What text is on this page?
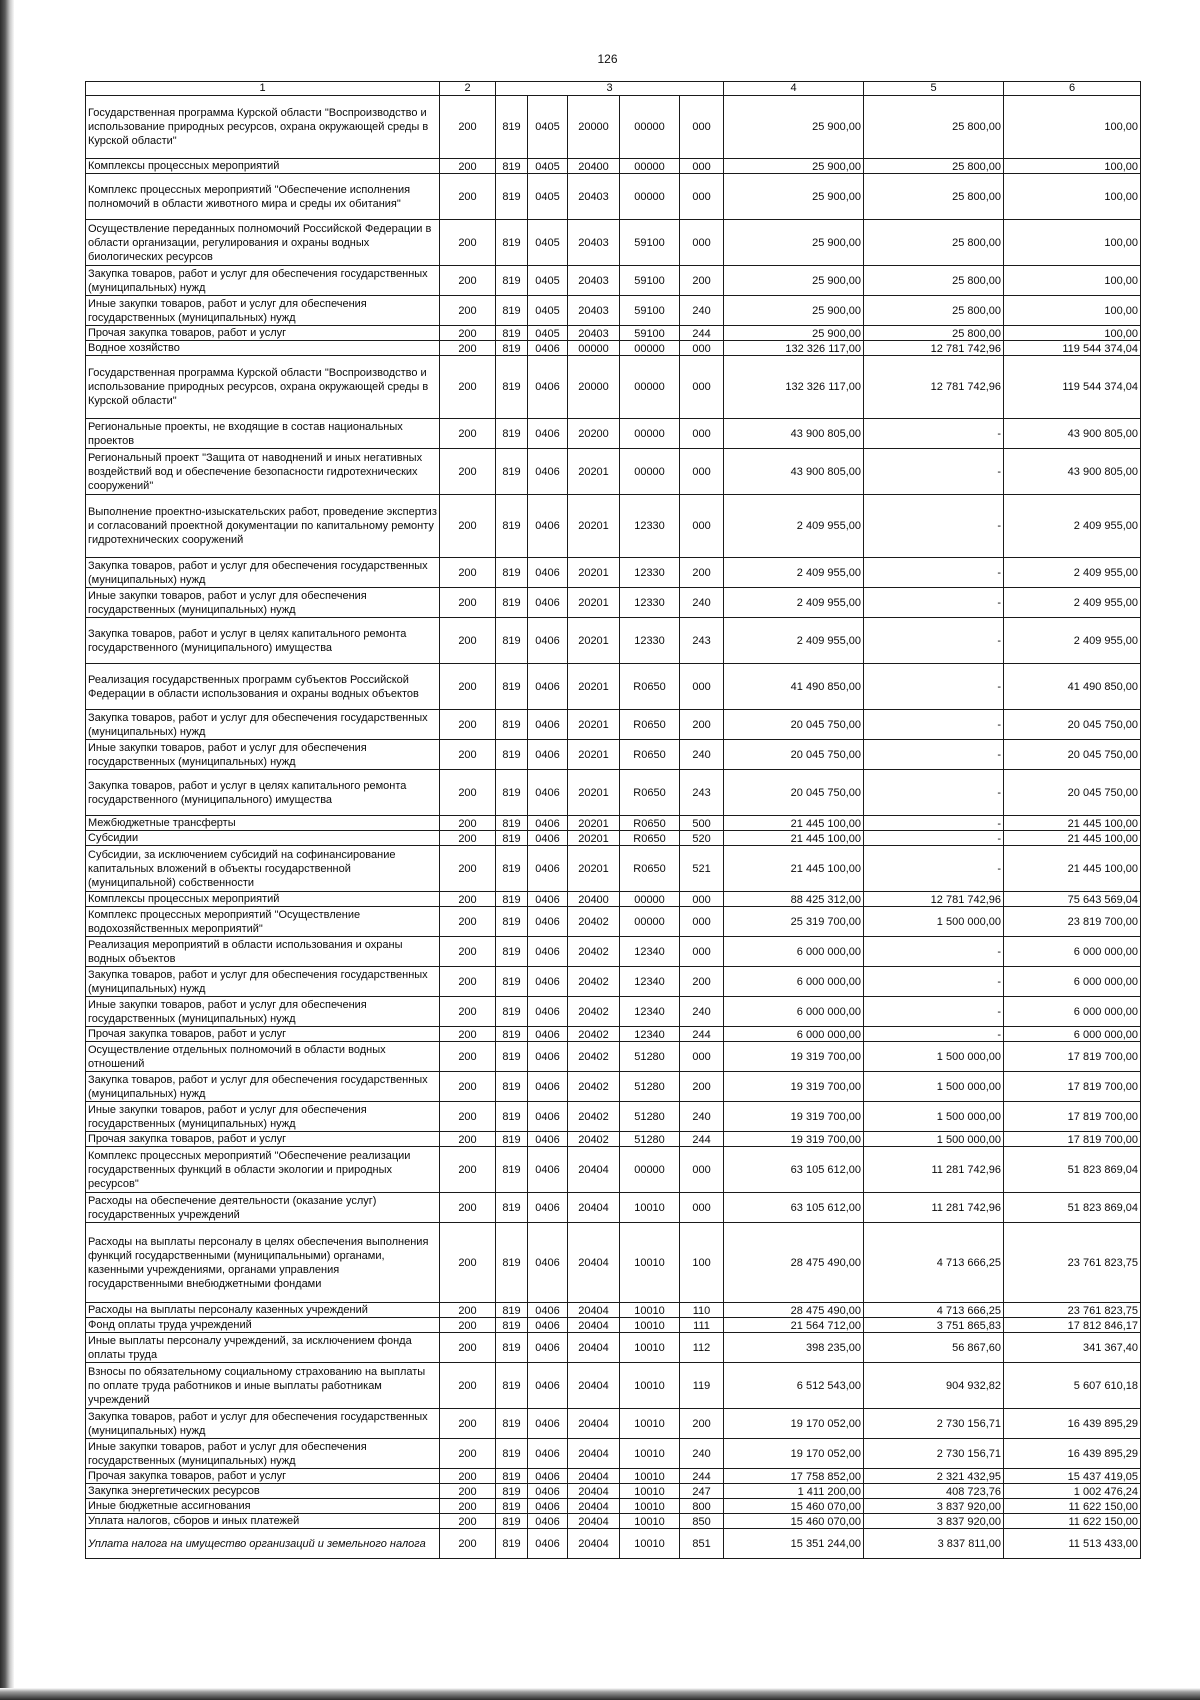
126
1	2	3					4	5	6
Государственная программа Курской области "Воспроизводство и использование природных ресурсов, охрана окружающей среды в Курской области"	200	819	0405	20000	00000	000	25 900,00	25 800,00	100,00
Комплексы процессных мероприятий	200	819	0405	20400	00000	000	25 900,00	25 800,00	100,00
Комплекс процессных мероприятий "Обеспечение исполнения полномочий в области животного мира и среды их обитания"	200	819	0405	20403	00000	000	25 900,00	25 800,00	100,00
Осуществление переданных полномочий Российской Федерации в области организации, регулирования и охраны водных биологических ресурсов	200	819	0405	20403	59100	000	25 900,00	25 800,00	100,00
Закупка товаров, работ и услуг для обеспечения государственных (муниципальных) нужд	200	819	0405	20403	59100	200	25 900,00	25 800,00	100,00
Иные закупки товаров, работ и услуг для обеспечения государственных (муниципальных) нужд	200	819	0405	20403	59100	240	25 900,00	25 800,00	100,00
Прочая закупка товаров, работ и услуг	200	819	0405	20403	59100	244	25 900,00	25 800,00	100,00
Водное хозяйство	200	819	0406	00000	00000	000	132 326 117,00	12 781 742,96	119 544 374,04
Государственная программа Курской области "Воспроизводство и использование природных ресурсов, охрана окружающей среды в Курской области"	200	819	0406	20000	00000	000	132 326 117,00	12 781 742,96	119 544 374,04
Региональные проекты, не входящие в состав национальных проектов	200	819	0406	20200	00000	000	43 900 805,00	-	43 900 805,00
Региональный проект "Защита от наводнений и иных негативных воздействий вод и обеспечение безопасности гидротехнических сооружений"	200	819	0406	20201	00000	000	43 900 805,00	-	43 900 805,00
Выполнение проектно-изыскательских работ, проведение экспертиз и согласований проектной документации по капитальному ремонту гидротехнических сооружений	200	819	0406	20201	12330	000	2 409 955,00	-	2 409 955,00
Закупка товаров, работ и услуг для обеспечения государственных (муниципальных) нужд	200	819	0406	20201	12330	200	2 409 955,00	-	2 409 955,00
Иные закупки товаров, работ и услуг для обеспечения государственных (муниципальных) нужд	200	819	0406	20201	12330	240	2 409 955,00	-	2 409 955,00
Закупка товаров, работ и услуг в целях капитального ремонта государственного (муниципального) имущества	200	819	0406	20201	12330	243	2 409 955,00	-	2 409 955,00
Реализация государственных программ субъектов Российской Федерации в области использования и охраны водных объектов	200	819	0406	20201	R0650	000	41 490 850,00	-	41 490 850,00
Закупка товаров, работ и услуг для обеспечения государственных (муниципальных) нужд	200	819	0406	20201	R0650	200	20 045 750,00	-	20 045 750,00
Иные закупки товаров, работ и услуг для обеспечения государственных (муниципальных) нужд	200	819	0406	20201	R0650	240	20 045 750,00	-	20 045 750,00
Закупка товаров, работ и услуг в целях капитального ремонта государственного (муниципального) имущества	200	819	0406	20201	R0650	243	20 045 750,00	-	20 045 750,00
Межбюджетные трансферты	200	819	0406	20201	R0650	500	21 445 100,00	-	21 445 100,00
Субсидии	200	819	0406	20201	R0650	520	21 445 100,00	-	21 445 100,00
Субсидии, за исключением субсидий на софинансирование капитальных вложений в объекты государственной (муниципальной) собственности	200	819	0406	20201	R0650	521	21 445 100,00	-	21 445 100,00
Комплексы процессных мероприятий	200	819	0406	20400	00000	000	88 425 312,00	12 781 742,96	75 643 569,04
Комплекс процессных мероприятий "Осуществление водохозяйственных мероприятий"	200	819	0406	20402	00000	000	25 319 700,00	1 500 000,00	23 819 700,00
Реализация мероприятий в области использования и охраны водных объектов	200	819	0406	20402	12340	000	6 000 000,00	-	6 000 000,00
Закупка товаров, работ и услуг для обеспечения государственных (муниципальных) нужд	200	819	0406	20402	12340	200	6 000 000,00	-	6 000 000,00
Иные закупки товаров, работ и услуг для обеспечения государственных (муниципальных) нужд	200	819	0406	20402	12340	240	6 000 000,00	-	6 000 000,00
Прочая закупка товаров, работ и услуг	200	819	0406	20402	12340	244	6 000 000,00	-	6 000 000,00
Осуществление отдельных полномочий в области водных отношений	200	819	0406	20402	51280	000	19 319 700,00	1 500 000,00	17 819 700,00
Закупка товаров, работ и услуг для обеспечения государственных (муниципальных) нужд	200	819	0406	20402	51280	200	19 319 700,00	1 500 000,00	17 819 700,00
Иные закупки товаров, работ и услуг для обеспечения государственных (муниципальных) нужд	200	819	0406	20402	51280	240	19 319 700,00	1 500 000,00	17 819 700,00
Прочая закупка товаров, работ и услуг	200	819	0406	20402	51280	244	19 319 700,00	1 500 000,00	17 819 700,00
Комплекс процессных мероприятий "Обеспечение реализации государственных функций в области экологии и природных ресурсов"	200	819	0406	20404	00000	000	63 105 612,00	11 281 742,96	51 823 869,04
Расходы на обеспечение деятельности (оказание услуг) государственных учреждений	200	819	0406	20404	10010	000	63 105 612,00	11 281 742,96	51 823 869,04
Расходы на выплаты персоналу в целях обеспечения выполнения функций государственными (муниципальными) органами, казенными учреждениями, органами управления государственными внебюджетными фондами	200	819	0406	20404	10010	100	28 475 490,00	4 713 666,25	23 761 823,75
Расходы на выплаты персоналу казенных учреждений	200	819	0406	20404	10010	110	28 475 490,00	4 713 666,25	23 761 823,75
Фонд оплаты труда учреждений	200	819	0406	20404	10010	111	21 564 712,00	3 751 865,83	17 812 846,17
Иные выплаты персоналу учреждений, за исключением фонда оплаты труда	200	819	0406	20404	10010	112	398 235,00	56 867,60	341 367,40
Взносы по обязательному социальному страхованию на выплаты по оплате труда работников и иные выплаты работникам учреждений	200	819	0406	20404	10010	119	6 512 543,00	904 932,82	5 607 610,18
Закупка товаров, работ и услуг для обеспечения государственных (муниципальных) нужд	200	819	0406	20404	10010	200	19 170 052,00	2 730 156,71	16 439 895,29
Иные закупки товаров, работ и услуг для обеспечения государственных (муниципальных) нужд	200	819	0406	20404	10010	240	19 170 052,00	2 730 156,71	16 439 895,29
Прочая закупка товаров, работ и услуг	200	819	0406	20404	10010	244	17 758 852,00	2 321 432,95	15 437 419,05
Закупка энергетических ресурсов	200	819	0406	20404	10010	247	1 411 200,00	408 723,76	1 002 476,24
Иные бюджетные ассигнования	200	819	0406	20404	10010	800	15 460 070,00	3 837 920,00	11 622 150,00
Уплата налогов, сборов и иных платежей	200	819	0406	20404	10010	850	15 460 070,00	3 837 920,00	11 622 150,00
Уплата налога на имущество организаций и земельного налога	200	819	0406	20404	10010	851	15 351 244,00	3 837 811,00	11 513 433,00
